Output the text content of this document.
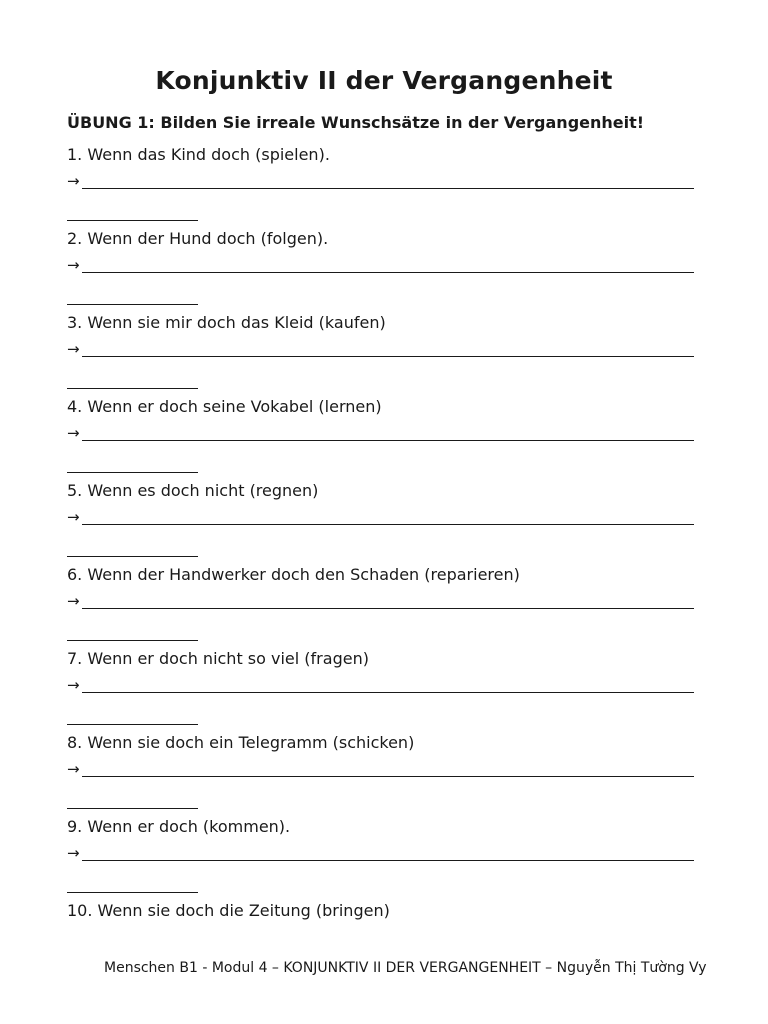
Konjunktiv II der Vergangenheit
ÜBUNG 1: Bilden Sie irreale Wunschsätze in der Vergangenheit!
1. Wenn das Kind doch (spielen).
→
2. Wenn der Hund doch (folgen).
→
3. Wenn sie mir doch das Kleid (kaufen)
→
4. Wenn er doch seine Vokabel (lernen)
→
5. Wenn es doch nicht (regnen)
→
6. Wenn der Handwerker doch den Schaden (reparieren)
→
7. Wenn er doch nicht so viel (fragen)
→
8. Wenn sie doch ein Telegramm (schicken)
→
9. Wenn er doch (kommen).
→
10. Wenn sie doch die Zeitung (bringen)
Menschen B1 - Modul 4 – KONJUNKTIV II DER VERGANGENHEIT – Nguyễn Thị Tường Vy
